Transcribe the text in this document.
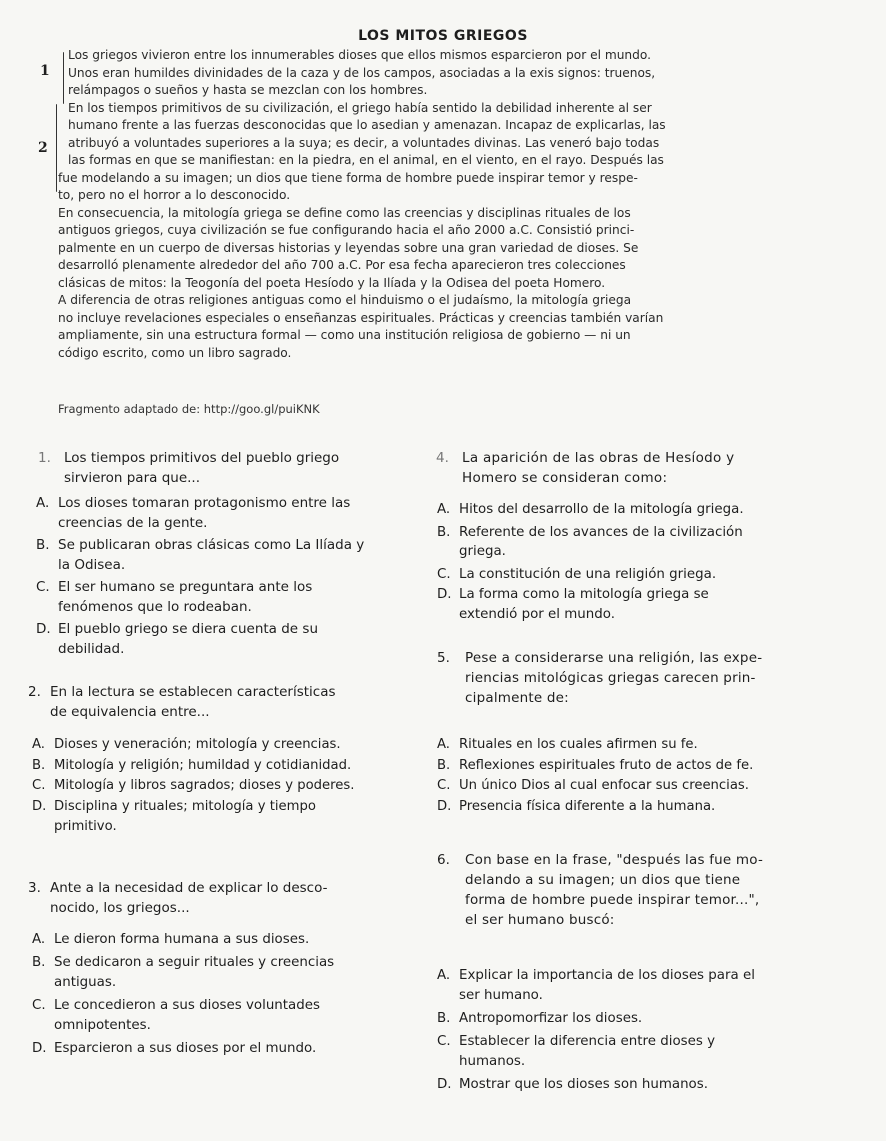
LOS MITOS GRIEGOS
1
2

Los griegos vivieron entre los innumerables dioses que ellos mismos esparcieron por el mundo.

Unos eran humildes divinidades de la caza y de los campos, asociadas a la exis signos: truenos,

relámpagos o sueños y hasta se mezclan con los hombres.

En los tiempos primitivos de su civilización, el griego había sentido la debilidad inherente al ser

humano frente a las fuerzas desconocidas que lo asedian y amenazan. Incapaz de explicarlas, las

atribuyó a voluntades superiores a la suya; es decir, a voluntades divinas. Las veneró bajo todas

las formas en que se manifiestan: en la piedra, en el animal, en el viento, en el rayo. Después las

fue modelando a su imagen; un dios que tiene forma de hombre puede inspirar temor y respe-

to, pero no el horror a lo desconocido.

En consecuencia, la mitología griega se define como las creencias y disciplinas rituales de los

antiguos griegos, cuya civilización se fue configurando hacia el año 2000 a.C. Consistió princi-

palmente en un cuerpo de diversas historias y leyendas sobre una gran variedad de dioses. Se

desarrolló plenamente alrededor del año 700 a.C. Por esa fecha aparecieron tres colecciones

clásicas de mitos: la Teogonía del poeta Hesíodo y la Ilíada y la Odisea del poeta Homero.

A diferencia de otras religiones antiguas como el hinduismo o el judaísmo, la mitología griega

no incluye revelaciones especiales o enseñanzas espirituales. Prácticas y creencias también varían

ampliamente, sin una estructura formal — como una institución religiosa de gobierno — ni un

código escrito, como un libro sagrado.

Fragmento adaptado de: http://goo.gl/puiKNK
1. Los tiempos primitivos del pueblo griego
sirvieron para que...
A. Los dioses tomaran protagonismo entre las
creencias de la gente.
B. Se publicaran obras clásicas como La Ilíada y
la Odisea.
C. El ser humano se preguntara ante los
fenómenos que lo rodeaban.
D. El pueblo griego se diera cuenta de su
debilidad.
2. En la lectura se establecen características
de equivalencia entre...
A. Dioses y veneración; mitología y creencias.
B. Mitología y religión; humildad y cotidianidad.
C. Mitología y libros sagrados; dioses y poderes.
D. Disciplina y rituales; mitología y tiempo
primitivo.
3. Ante a la necesidad de explicar lo desco-
nocido, los griegos...
A. Le dieron forma humana a sus dioses.
B. Se dedicaron a seguir rituales y creencias
antiguas.
C. Le concedieron a sus dioses voluntades
omnipotentes.
D. Esparcieron a sus dioses por el mundo.
4. La aparición de las obras de Hesíodo y
Homero se consideran como:
A. Hitos del desarrollo de la mitología griega.
B. Referente de los avances de la civilización
griega.
C. La constitución de una religión griega.
D. La forma como la mitología griega se
extendió por el mundo.
5.	Pese a considerarse una religión, las expe-
riencias mitológicas griegas carecen prin-
cipalmente de:
A. Rituales en los cuales afirmen su fe.
B. Reflexiones espirituales fruto de actos de fe.
C. Un único Dios al cual enfocar sus creencias.
D. Presencia física diferente a la humana.
6.	Con base en la frase, "después las fue mo-
delando a su imagen; un dios que tiene
forma de hombre puede inspirar temor...",
el ser humano buscó:
A. Explicar la importancia de los dioses para el
ser humano.
B. Antropomorfizar los dioses.
C. Establecer la diferencia entre dioses y
humanos.
D. Mostrar que los dioses son humanos.
